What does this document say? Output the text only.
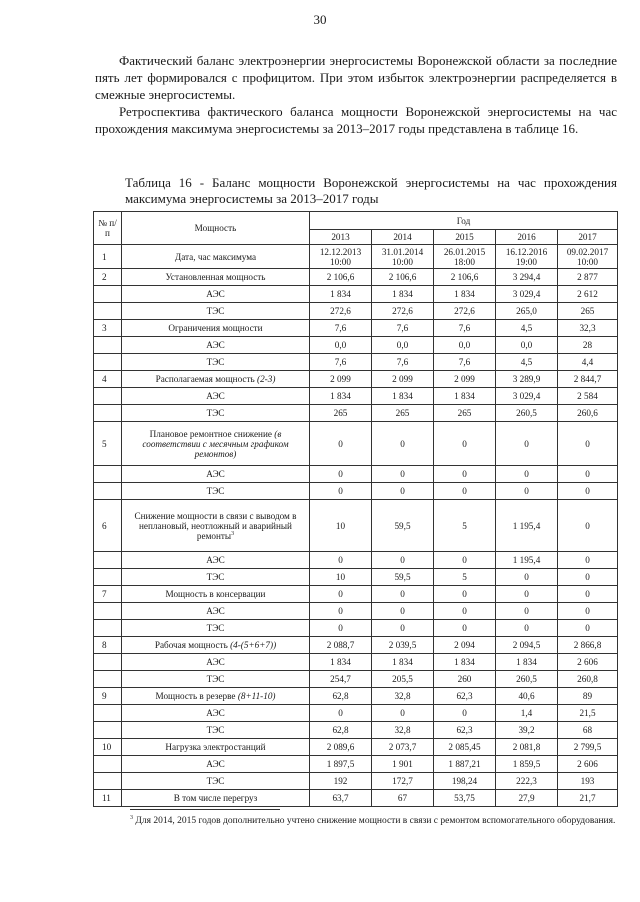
30

Фактический баланс электроэнергии энергосистемы Воронежской области за последние пять лет формировался с профицитом. При этом избыток электроэнергии распределяется в смежные энергосистемы.

Ретроспектива фактического баланса мощности Воронежской энергосистемы на час прохождения максимума энергосистемы за 2013–2017 годы представлена в таблице 16.

Таблица 16 - Баланс мощности Воронежской энергосистемы на час прохождения максимума энергосистемы за 2013–2017 годы

№ п/п	Мощность	Год				
		2013	2014	2015	2016	2017
1	Дата, час максимума	12.12.2013 10:00	31.01.2014 10:00	26.01.2015 18:00	16.12.2016 19:00	09.02.2017 10:00
2	Установленная мощность	2 106,6	2 106,6	2 106,6	3 294,4	2 877
	АЭС	1 834	1 834	1 834	3 029,4	2 612
	ТЭС	272,6	272,6	272,6	265,0	265
3	Ограничения мощности	7,6	7,6	7,6	4,5	32,3
	АЭС	0,0	0,0	0,0	0,0	28
	ТЭС	7,6	7,6	7,6	4,5	4,4
4	Располагаемая мощность (2-3)	2 099	2 099	2 099	3 289,9	2 844,7
	АЭС	1 834	1 834	1 834	3 029,4	2 584
	ТЭС	265	265	265	260,5	260,6
5	Плановое ремонтное снижение (в соответствии с месячным графиком ремонтов)	0	0	0	0	0
	АЭС	0	0	0	0	0
	ТЭС	0	0	0	0	0
6	Снижение мощности в связи с выводом в неплановый, неотложный и аварийный ремонты$^3$	10	59,5	5	1 195,4	0
	АЭС	0	0	0	1 195,4	0
	ТЭС	10	59,5	5	0	0
7	Мощность в консервации	0	0	0	0	0
	АЭС	0	0	0	0	0
	ТЭС	0	0	0	0	0
8	Рабочая мощность (4-(5+6+7))	2 088,7	2 039,5	2 094	2 094,5	2 866,8
	АЭС	1 834	1 834	1 834	1 834	2 606
	ТЭС	254,7	205,5	260	260,5	260,8
9	Мощность в резерве (8+11-10)	62,8	32,8	62,3	40,6	89
	АЭС	0	0	0	1,4	21,5
	ТЭС	62,8	32,8	62,3	39,2	68
10	Нагрузка электростанций	2 089,6	2 073,7	2 085,45	2 081,8	2 799,5
	АЭС	1 897,5	1 901	1 887,21	1 859,5	2 606
	ТЭС	192	172,7	198,24	222,3	193
11	В том числе перегруз	63,7	67	53,75	27,9	21,7

$^3$ Для 2014, 2015 годов дополнительно учтено снижение мощности в связи с ремонтом вспомогательного оборудования.
